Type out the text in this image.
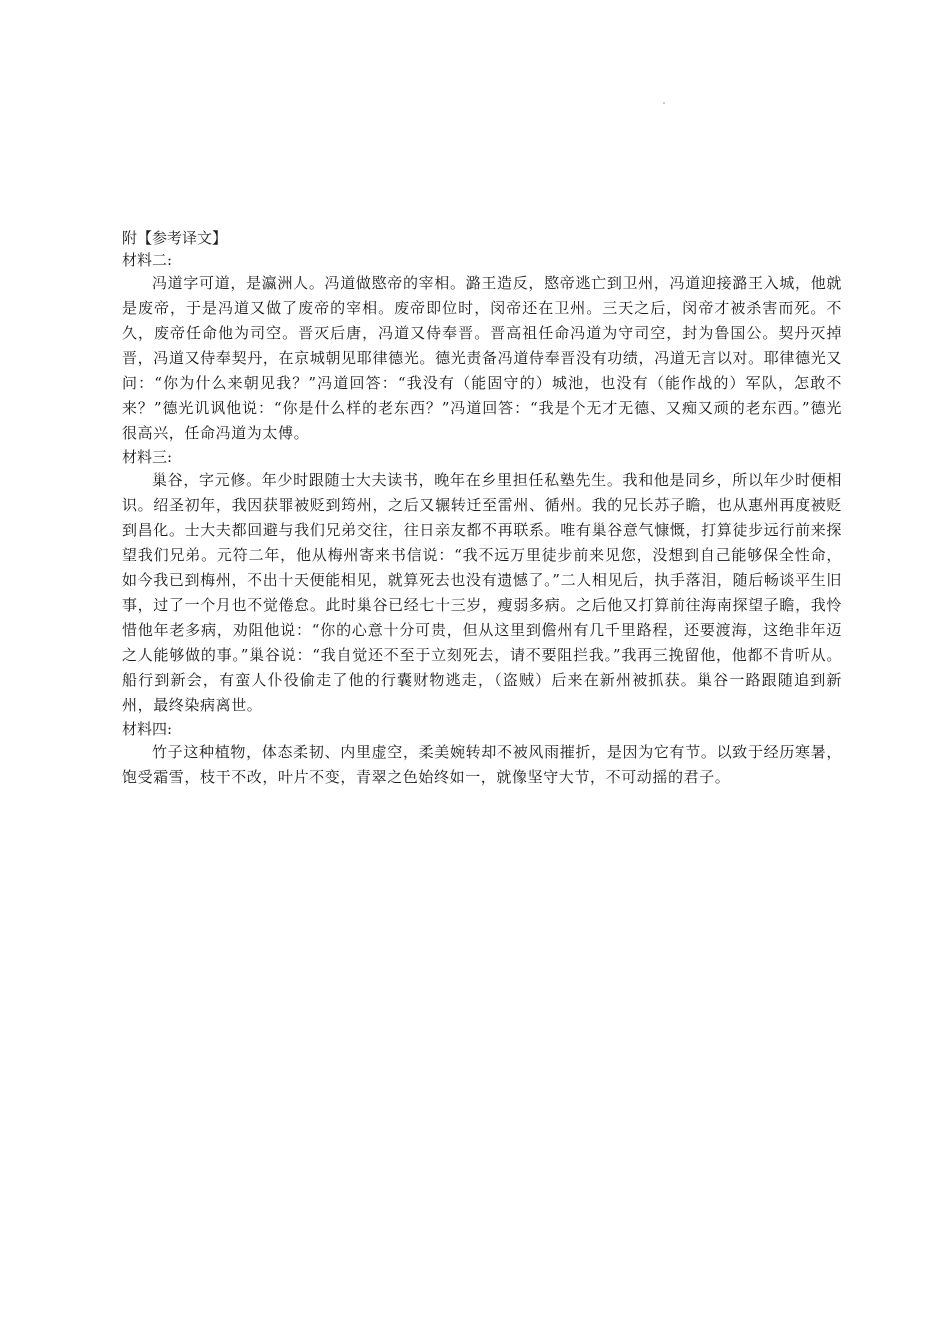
附【参考译文】
材料二:

冯道字可道，是瀛洲人。冯道做愍帝的宰相。潞王造反，愍帝逃亡到卫州，冯道迎接潞王入城，他就是废帝，于是冯道又做了废帝的宰相。废帝即位时，闵帝还在卫州。三天之后，闵帝才被杀害而死。不久，废帝任命他为司空。晋灭后唐，冯道又侍奉晋。晋高祖任命冯道为守司空，封为鲁国公。契丹灭掉晋，冯道又侍奉契丹，在京城朝见耶律德光。德光责备冯道侍奉晋没有功绩，冯道无言以对。耶律德光又问：“你为什么来朝见我？”冯道回答：“我没有（能固守的）城池，也没有（能作战的）军队，怎敢不来？”德光讥讽他说：“你是什么样的老东西？”冯道回答：“我是个无才无德、又痴又顽的老东西。”德光很高兴，任命冯道为太傅。

材料三:

巢谷，字元修。年少时跟随士大夫读书，晚年在乡里担任私塾先生。我和他是同乡，所以年少时便相识。绍圣初年，我因获罪被贬到筠州，之后又辗转迁至雷州、循州。我的兄长苏子瞻，也从惠州再度被贬到昌化。士大夫都回避与我们兄弟交往，往日亲友都不再联系。唯有巢谷意气慷慨，打算徒步远行前来探望我们兄弟。元符二年，他从梅州寄来书信说：“我不远万里徒步前来见您，没想到自己能够保全性命，如今我已到梅州，不出十天便能相见，就算死去也没有遗憾了。”二人相见后，执手落泪，随后畅谈平生旧事，过了一个月也不觉倦怠。此时巢谷已经七十三岁，瘦弱多病。之后他又打算前往海南探望子瞻，我怜惜他年老多病，劝阻他说：“你的心意十分可贵，但从这里到儋州有几千里路程，还要渡海，这绝非年迈之人能够做的事。”巢谷说：“我自觉还不至于立刻死去，请不要阻拦我。”我再三挽留他，他都不肯听从。船行到新会，有蛮人仆役偷走了他的行囊财物逃走，（盗贼）后来在新州被抓获。巢谷一路跟随追到新州，最终染病离世。

材料四:

竹子这种植物，体态柔韧、内里虚空，柔美婉转却不被风雨摧折，是因为它有节。以致于经历寒暑，饱受霜雪，枝干不改，叶片不变，青翠之色始终如一，就像坚守大节，不可动摇的君子。
